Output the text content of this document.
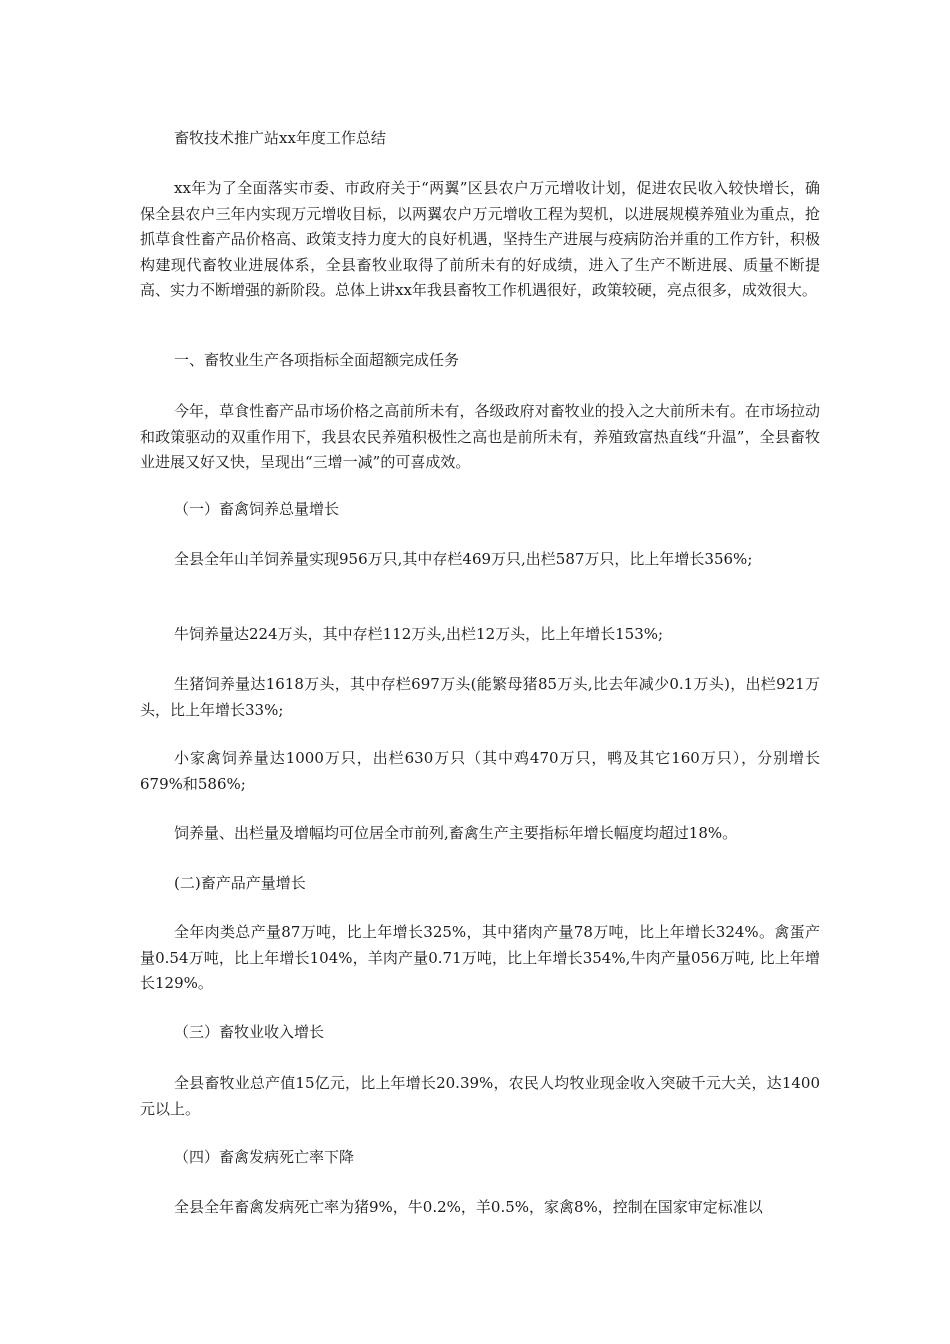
畜牧技术推广站xx年度工作总结

xx年为了全面落实市委、市政府关于“两翼”区县农户万元增收计划，促进农民收入较快增长，确保全县农户三年内实现万元增收目标，以两翼农户万元增收工程为契机，以进展规模养殖业为重点，抢抓草食性畜产品价格高、政策支持力度大的良好机遇，坚持生产进展与疫病防治并重的工作方针，积极构建现代畜牧业进展体系，全县畜牧业取得了前所未有的好成绩，进入了生产不断进展、质量不断提高、实力不断增强的新阶段。总体上讲xx年我县畜牧工作机遇很好，政策较硬，亮点很多，成效很大。

一、畜牧业生产各项指标全面超额完成任务

今年，草食性畜产品市场价格之高前所未有，各级政府对畜牧业的投入之大前所未有。在市场拉动和政策驱动的双重作用下，我县农民养殖积极性之高也是前所未有，养殖致富热直线“升温”，全县畜牧业进展又好又快，呈现出“三增一减”的可喜成效。

（一）畜禽饲养总量增长

全县全年山羊饲养量实现956万只,其中存栏469万只,出栏587万只，比上年增长356%;

牛饲养量达224万头，其中存栏112万头,出栏12万头，比上年增长153%;

生猪饲养量达1618万头，其中存栏697万头(能繁母猪85万头,比去年减少0.1万头)，出栏921万头，比上年增长33%;

小家禽饲养量达1000万只，出栏630万只（其中鸡470万只，鸭及其它160万只），分别增长679%和586%;

饲养量、出栏量及增幅均可位居全市前列,畜禽生产主要指标年增长幅度均超过18%。

(二)畜产品产量增长

全年肉类总产量87万吨，比上年增长325%，其中猪肉产量78万吨，比上年增长324%。禽蛋产量0.54万吨，比上年增长104%，羊肉产量0.71万吨，比上年增长354%,牛肉产量056万吨, 比上年增长129%。

（三）畜牧业收入增长

全县畜牧业总产值15亿元，比上年增长20.39%，农民人均牧业现金收入突破千元大关，达1400元以上。

（四）畜禽发病死亡率下降

全县全年畜禽发病死亡率为猪9%，牛0.2%，羊0.5%，家禽8%，控制在国家审定标准以
